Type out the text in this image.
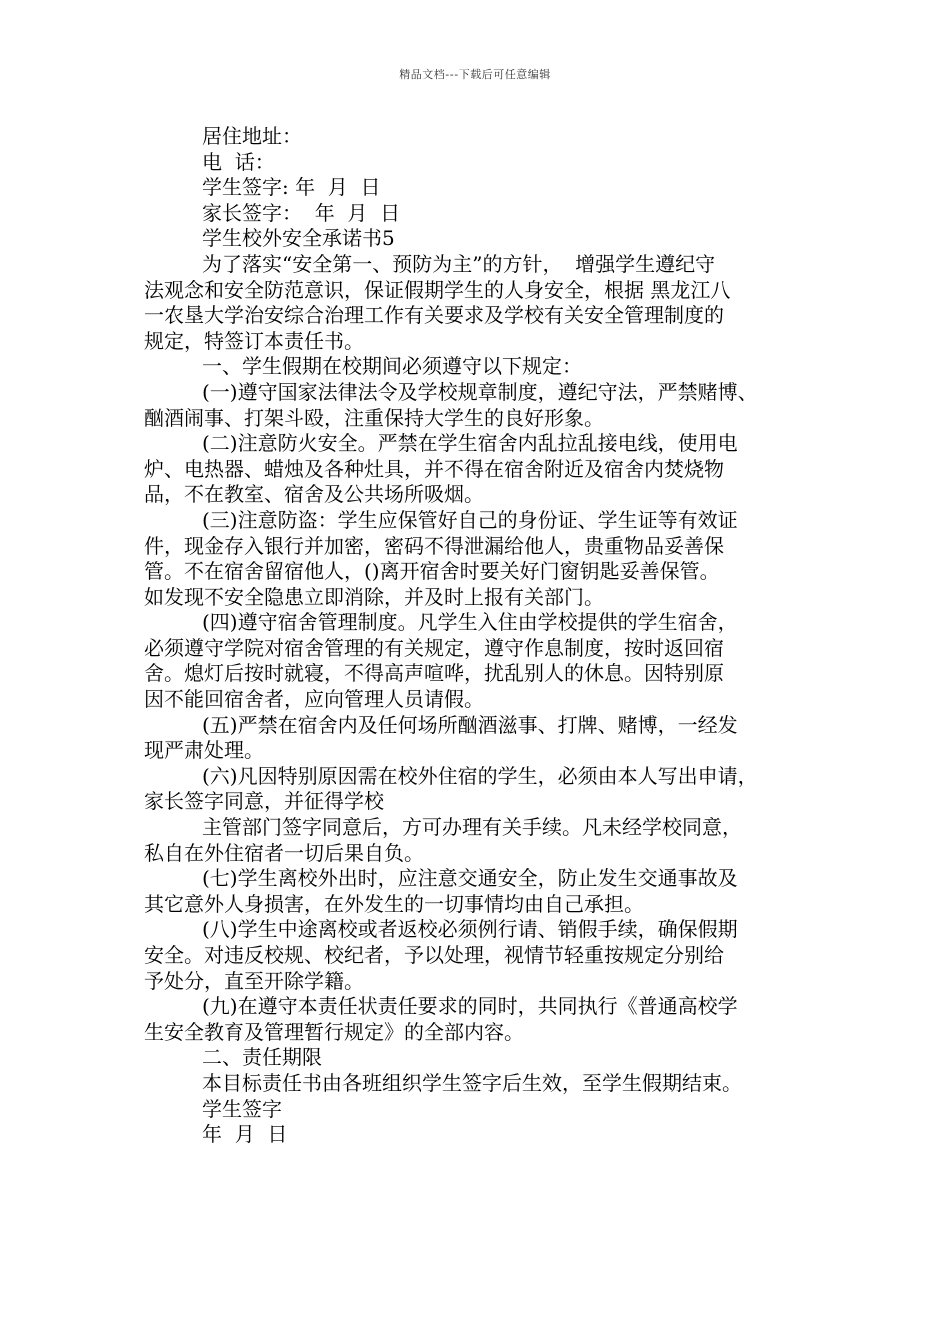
精品文档---下载后可任意编辑
居住地址：
电  话：
学生签字: 年  月  日
家长签字：  年  月  日
学生校外安全承诺书5
为了落实“安全第一、预防为主”的方针，  增强学生遵纪守
法观念和安全防范意识，保证假期学生的人身安全，根据 黑龙江八
一农垦大学治安综合治理工作有关要求及学校有关安全管理制度的
规定，特签订本责任书。
一、学生假期在校期间必须遵守以下规定：
(一)遵守国家法律法令及学校规章制度，遵纪守法，严禁赌博、
酗酒闹事、打架斗殴，注重保持大学生的良好形象。
(二)注意防火安全。严禁在学生宿舍内乱拉乱接电线，使用电
炉、电热器、蜡烛及各种灶具，并不得在宿舍附近及宿舍内焚烧物
品，不在教室、宿舍及公共场所吸烟。
(三)注意防盗：学生应保管好自己的身份证、学生证等有效证
件，现金存入银行并加密，密码不得泄漏给他人，贵重物品妥善保
管。不在宿舍留宿他人，()离开宿舍时要关好门窗钥匙妥善保管。
如发现不安全隐患立即消除，并及时上报有关部门。
(四)遵守宿舍管理制度。凡学生入住由学校提供的学生宿舍，
必须遵守学院对宿舍管理的有关规定，遵守作息制度，按时返回宿
舍。熄灯后按时就寝，不得高声喧哗，扰乱别人的休息。因特别原
因不能回宿舍者，应向管理人员请假。
(五)严禁在宿舍内及任何场所酗酒滋事、打牌、赌博，一经发
现严肃处理。
(六)凡因特别原因需在校外住宿的学生，必须由本人写出申请，
家长签字同意，并征得学校
主管部门签字同意后，方可办理有关手续。凡未经学校同意，
私自在外住宿者一切后果自负。
(七)学生离校外出时，应注意交通安全，防止发生交通事故及
其它意外人身损害，在外发生的一切事情均由自己承担。
(八)学生中途离校或者返校必须例行请、销假手续，确保假期
安全。对违反校规、校纪者，予以处理，视情节轻重按规定分别给
予处分，直至开除学籍。
(九)在遵守本责任状责任要求的同时，共同执行《普通高校学
生安全教育及管理暂行规定》的全部内容。
二、责任期限
本目标责任书由各班组织学生签字后生效，至学生假期结束。
学生签字
年  月  日
